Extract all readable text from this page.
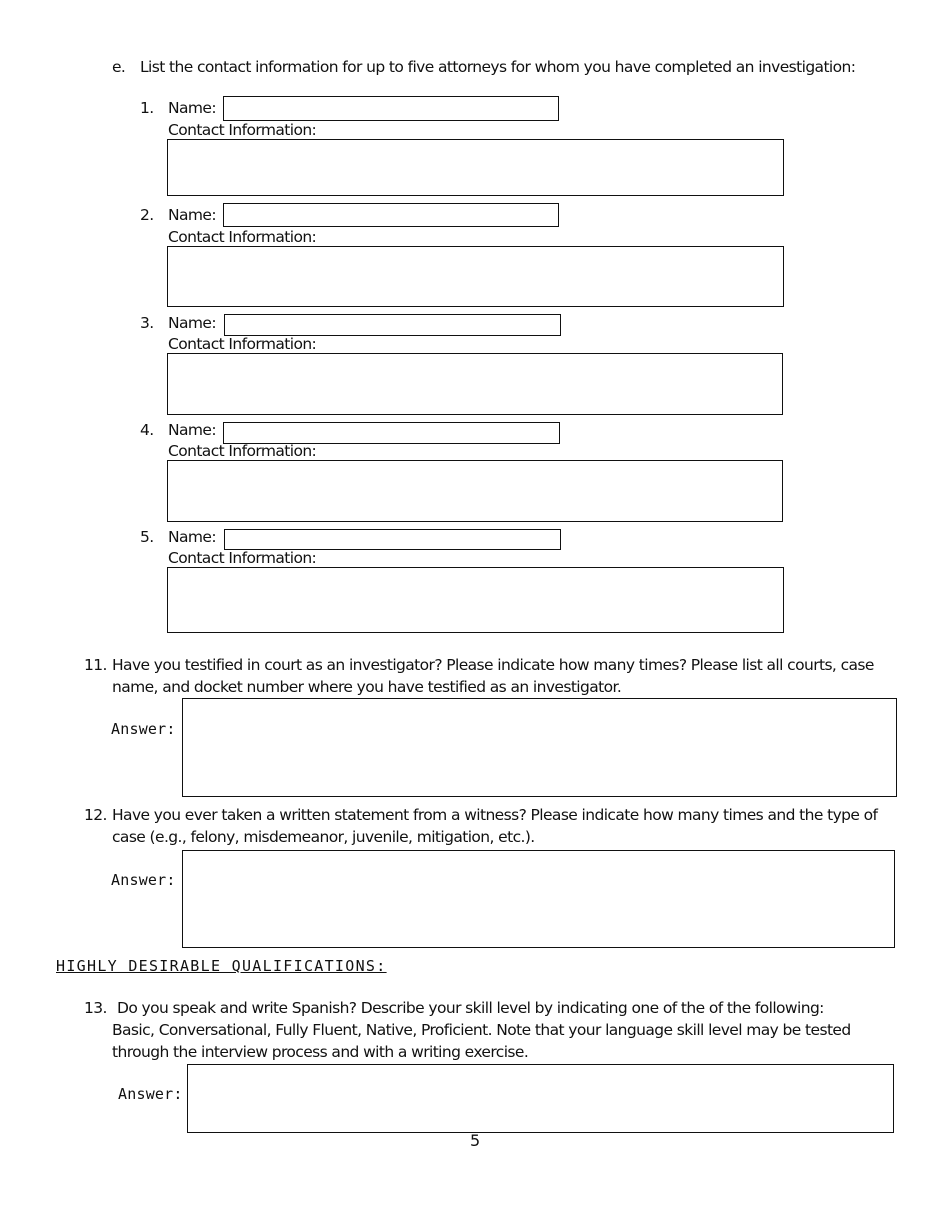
e. List the contact information for up to five attorneys for whom you have completed an investigation:
1. Name:
Contact Information:
2. Name:
Contact Information:
3. Name:
Contact Information:
4. Name:
Contact Information:
5. Name:
Contact Information:
11. Have you testified in court as an investigator? Please indicate how many times? Please list all courts, case
name, and docket number where you have testified as an investigator.
Answer:
12. Have you ever taken a written statement from a witness? Please indicate how many times and the type of
case (e.g., felony, misdemeanor, juvenile, mitigation, etc.).
Answer:
HIGHLY DESIRABLE QUALIFICATIONS:
13. Do you speak and write Spanish? Describe your skill level by indicating one of the of the following:
Basic, Conversational, Fully Fluent, Native, Proficient. Note that your language skill level may be tested
through the interview process and with a writing exercise.
Answer:
5
